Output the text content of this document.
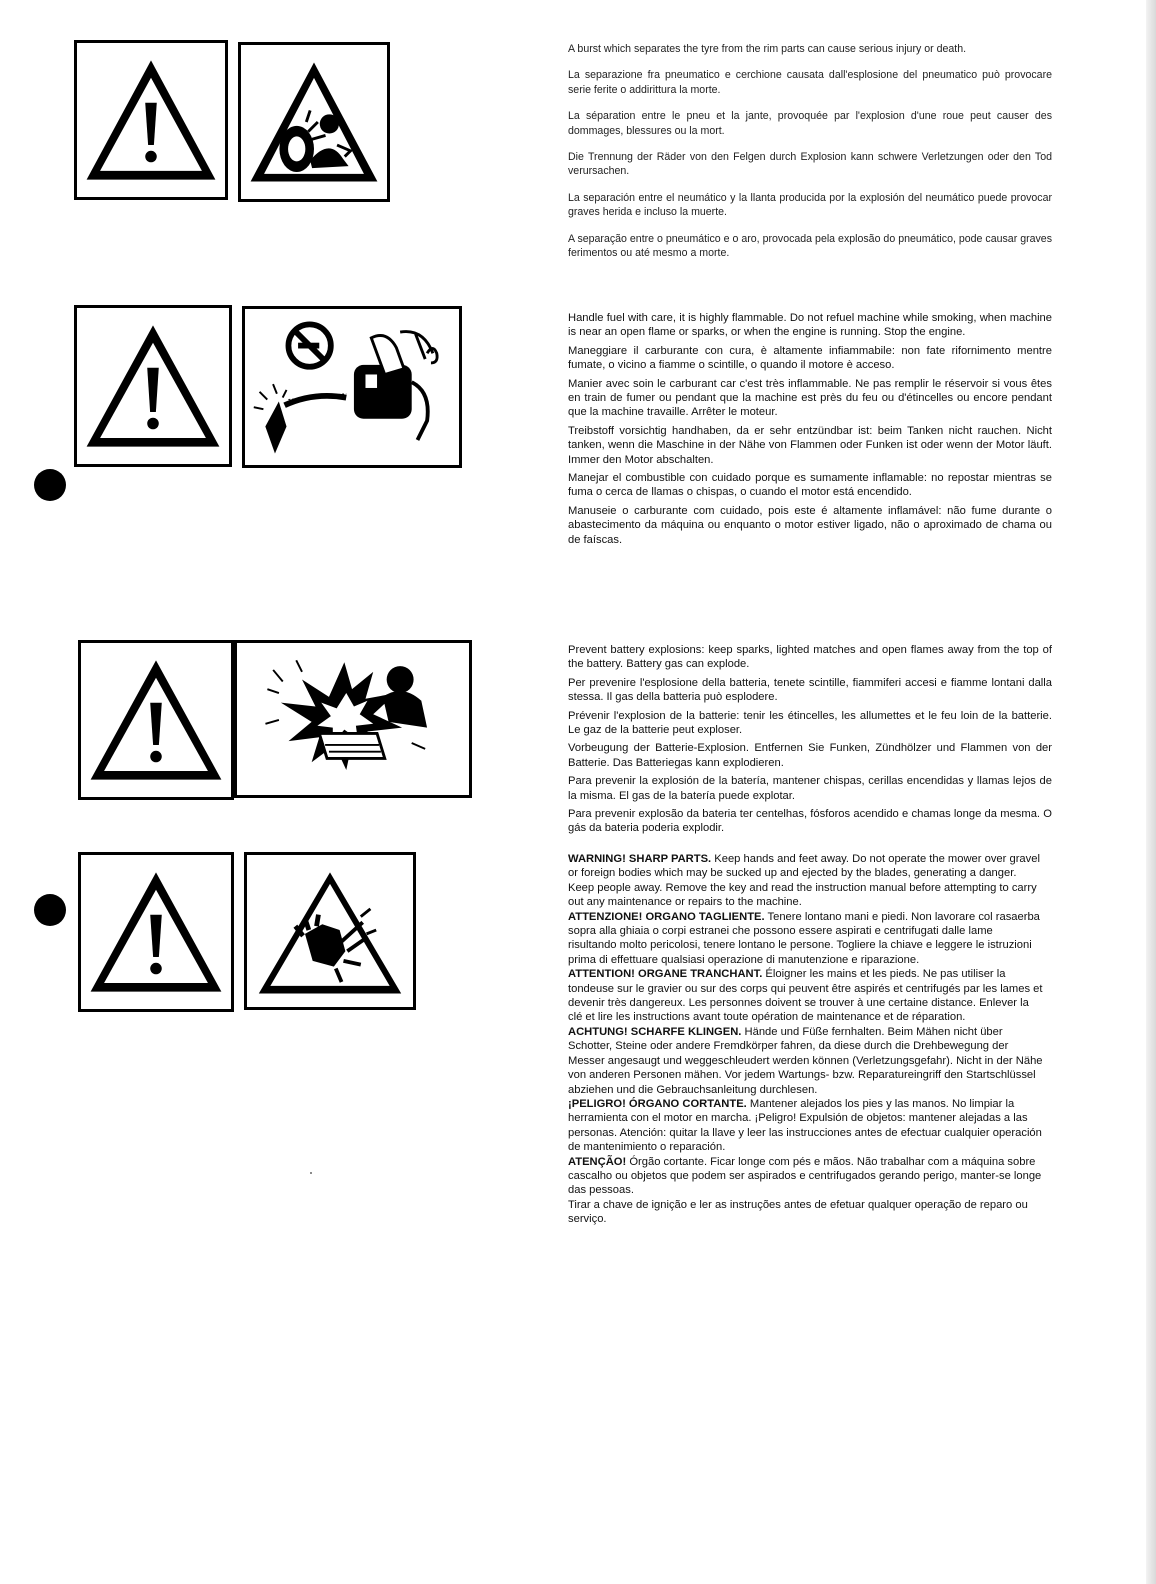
A burst which separates the tyre from the rim parts can cause serious injury or death.

La separazione fra pneumatico e cerchione causata dall'esplosione del pneumatico può provocare serie ferite o addirittura la morte.

La séparation entre le pneu et la jante, provoquée par l'explosion d'une roue peut causer des dommages, blessures ou la mort.

Die Trennung der Räder von den Felgen durch Explosion kann schwere Verletzungen oder den Tod verursachen.

La separación entre el neumático y la llanta producida por la explosión del neumático puede provocar graves herida e incluso la muerte.

A separação entre o pneumático e o aro, provocada pela explosão do pneumático, pode causar graves ferimentos ou até mesmo a morte.

Handle fuel with care, it is highly flammable. Do not refuel machine while smoking, when machine is near an open flame or sparks, or when the engine is running. Stop the engine.

Maneggiare il carburante con cura, è altamente infiammabile: non fate rifornimento mentre fumate, o vicino a fiamme o scintille, o quando il motore è acceso.

Manier avec soin le carburant car c'est très inflammable. Ne pas remplir le réservoir si vous êtes en train de fumer ou pendant que la machine est près du feu ou d'étincelles ou encore pendant que la machine travaille. Arrêter le moteur.

Treibstoff vorsichtig handhaben, da er sehr entzündbar ist: beim Tanken nicht rauchen. Nicht tanken, wenn die Maschine in der Nähe von Flammen oder Funken ist oder wenn der Motor läuft. Immer den Motor abschalten.

Manejar el combustible con cuidado porque es sumamente inflamable: no repostar mientras se fuma o cerca de llamas o chispas, o cuando el motor está encendido.

Manuseie o carburante com cuidado, pois este é altamente inflamável: não fume durante o abastecimento da máquina ou enquanto o motor estiver ligado, não o aproximado de chama ou de faíscas.

Prevent battery explosions: keep sparks, lighted matches and open flames away from the top of the battery. Battery gas can explode.

Per prevenire l'esplosione della batteria, tenete scintille, fiammiferi accesi e fiamme lontani dalla stessa. Il gas della batteria può esplodere.

Prévenir l'explosion de la batterie: tenir les étincelles, les allumettes et le feu loin de la batterie. Le gaz de la batterie peut exploser.

Vorbeugung der Batterie-Explosion. Entfernen Sie Funken, Zündhölzer und Flammen von der Batterie. Das Batteriegas kann explodieren.

Para prevenir la explosión de la batería, mantener chispas, cerillas encendidas y llamas lejos de la misma. El gas de la batería puede explotar.

Para prevenir explosão da bateria ter centelhas, fósforos acendido e chamas longe da mesma. O gás da bateria poderia explodir.

WARNING! SHARP PARTS. Keep hands and feet away. Do not operate the mower over gravel or foreign bodies which may be sucked up and ejected by the blades, generating a danger. Keep people away. Remove the key and read the instruction manual before attempting to carry out any maintenance or repairs to the machine.

ATTENZIONE! ORGANO TAGLIENTE. Tenere lontano mani e piedi. Non lavorare col rasaerba sopra alla ghiaia o corpi estranei che possono essere aspirati e centrifugati dalle lame risultando molto pericolosi, tenere lontano le persone. Togliere la chiave e leggere le istruzioni prima di effettuare qualsiasi operazione di manutenzione e riparazione.

ATTENTION! ORGANE TRANCHANT. Éloigner les mains et les pieds. Ne pas utiliser la tondeuse sur le gravier ou sur des corps qui peuvent être aspirés et centrifugés par les lames et devenir très dangereux. Les personnes doivent se trouver à une certaine distance. Enlever la clé et lire les instructions avant toute opération de maintenance et de réparation.

ACHTUNG! SCHARFE KLINGEN. Hände und Füße fernhalten. Beim Mähen nicht über Schotter, Steine oder andere Fremdkörper fahren, da diese durch die Drehbewegung der Messer angesaugt und weggeschleudert werden können (Verletzungsgefahr). Nicht in der Nähe von anderen Personen mähen. Vor jedem Wartungs- bzw. Reparatureingriff den Startschlüssel abziehen und die Gebrauchsanleitung durchlesen.

¡PELIGRO! ÓRGANO CORTANTE. Mantener alejados los pies y las manos. No limpiar la herramienta con el motor en marcha. ¡Peligro! Expulsión de objetos: mantener alejadas a las personas. Atención: quitar la llave y leer las instrucciones antes de efectuar cualquier operación de mantenimiento o reparación.

ATENÇÃO! Órgão cortante. Ficar longe com pés e mãos. Não trabalhar com a máquina sobre cascalho ou objetos que podem ser aspirados e centrifugados gerando perigo, manter-se longe das pessoas.

Tirar a chave de ignição e ler as instruções antes de efetuar qualquer operação de reparo ou serviço.
